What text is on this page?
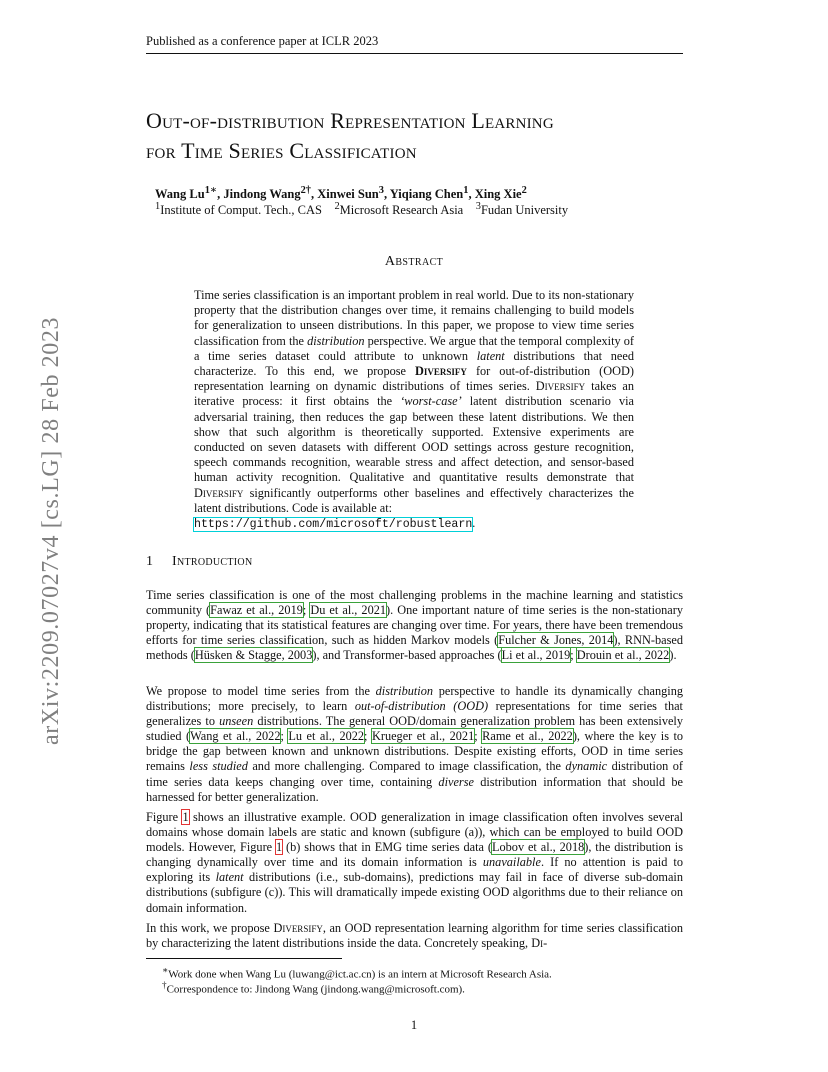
arXiv:2209.07027v4 [cs.LG] 28 Feb 2023
Published as a conference paper at ICLR 2023
Out-of-distribution Representation Learning
for Time Series Classification
Wang $Lu^{1∗}$, Jindong Wang$^{2\dagger}$, Xinwei Sun$^3$, Yiqiang Chen$^1$, Xing Xie$^2$
$^1$Institute of Comput. Tech., CAS $^2$Microsoft Research Asia $^3$Fudan University
Abstract

Time series classification is an important problem in real world. Due to its non-stationary property that the distribution changes over time, it remains challenging to build models for generalization to unseen distributions. In this paper, we propose to view time series classification from the distribution perspective. We argue that the temporal complexity of a time series dataset could attribute to unknown latent distributions that need characterize. To this end, we propose Diversify for out-of-distribution (OOD) representation learning on dynamic distributions of times series. Diversify takes an iterative process: it first obtains the ‘worst-case’ latent distribution scenario via adversarial training, then reduces the gap between these latent distributions. We then show that such algorithm is theoretically supported. Extensive experiments are conducted on seven datasets with different OOD settings across gesture recognition, speech commands recognition, wearable stress and affect detection, and sensor-based human activity recognition. Qualitative and quantitative results demonstrate that Diversify significantly outperforms other baselines and effectively characterizes the latent distributions. Code is available at:
https://github.com/microsoft/robustlearn.

1 Introduction

Time series classification is one of the most challenging problems in the machine learning and statistics community (Fawaz et al., 2019; Du et al., 2021). One important nature of time series is the non-stationary property, indicating that its statistical features are changing over time. For years, there have been tremendous efforts for time series classification, such as hidden Markov models (Fulcher & Jones, 2014), RNN-based methods (Hüsken & Stagge, 2003), and Transformer-based approaches (Li et al., 2019; Drouin et al., 2022).

We propose to model time series from the distribution perspective to handle its dynamically changing distributions; more precisely, to learn out-of-distribution (OOD) representations for time series that generalizes to unseen distributions. The general OOD/domain generalization problem has been extensively studied (Wang et al., 2022; Lu et al., 2022; Krueger et al., 2021; Rame et al., 2022), where the key is to bridge the gap between known and unknown distributions. Despite existing efforts, OOD in time series remains less studied and more challenging. Compared to image classification, the dynamic distribution of time series data keeps changing over time, containing diverse distribution information that should be harnessed for better generalization.

Figure 1 shows an illustrative example. OOD generalization in image classification often involves several domains whose domain labels are static and known (subfigure (a)), which can be employed to build OOD models. However, Figure 1 (b) shows that in EMG time series data (Lobov et al., 2018), the distribution is changing dynamically over time and its domain information is unavailable. If no attention is paid to exploring its latent distributions (i.e., sub-domains), predictions may fail in face of diverse sub-domain distributions (subfigure (c)). This will dramatically impede existing OOD algorithms due to their reliance on domain information.

In this work, we propose Diversify, an OOD representation learning algorithm for time series classification by characterizing the latent distributions inside the data. Concretely speaking, Di-

∗Work done when Wang Lu (luwang@ict.ac.cn) is an intern at Microsoft Research Asia.
†Correspondence to: Jindong Wang (jindong.wang@microsoft.com).
1
